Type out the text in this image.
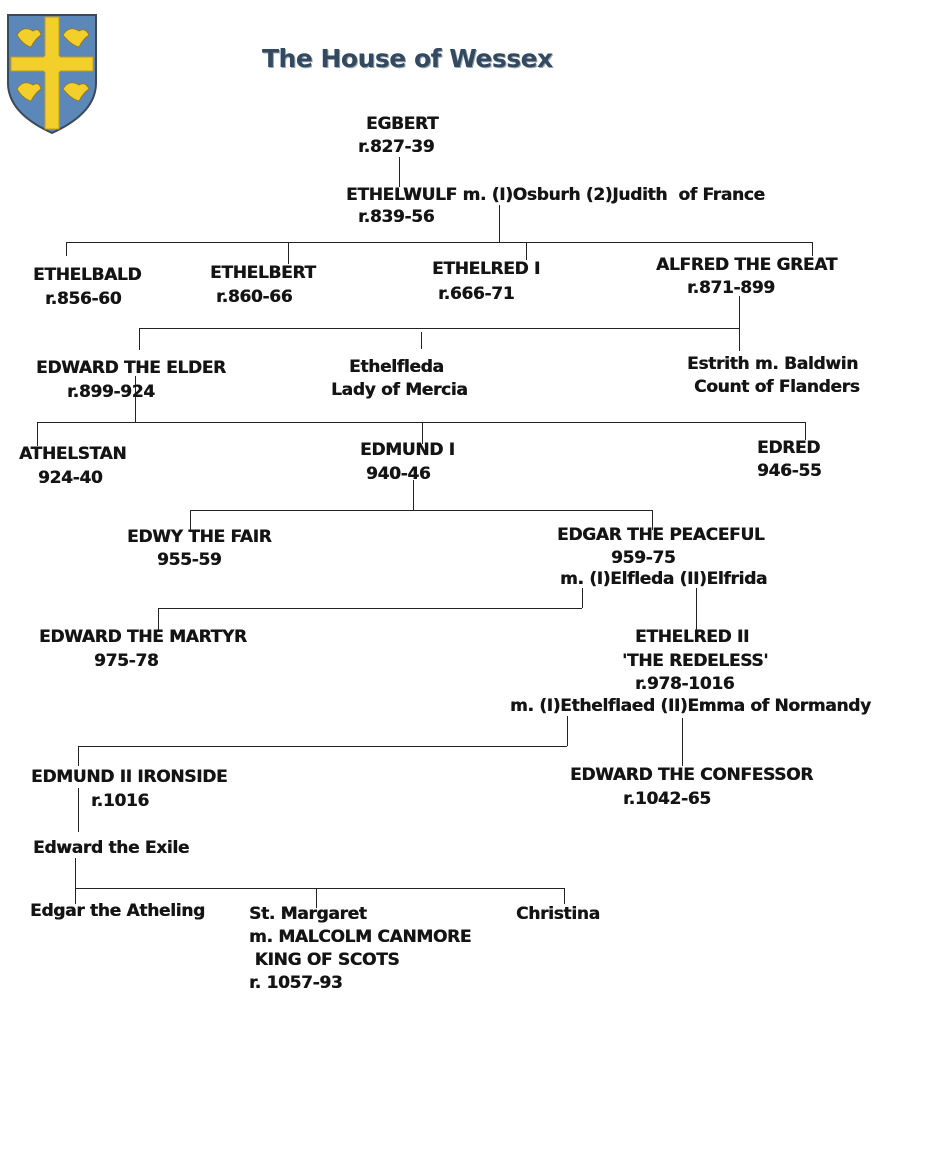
The House of Wessex
EGBERT
r.827-39
ETHELWULF m. (I)Osburh (2)Judith  of France
r.839-56
ETHELBALD
r.856-60
ETHELBERT
r.860-66
ETHELRED I
r.666-71
ALFRED THE GREAT
r.871-899
EDWARD THE ELDER
r.899-924
Ethelfleda
Lady of Mercia
Estrith m. Baldwin
Count of Flanders
ATHELSTAN
924-40
EDMUND I
940-46
EDRED
946-55
EDWY THE FAIR
955-59
EDGAR THE PEACEFUL
959-75
m. (I)Elfleda (II)Elfrida
EDWARD THE MARTYR
975-78
ETHELRED II
'THE REDELESS'
r.978-1016
m. (I)Ethelflaed (II)Emma of Normandy
EDMUND II IRONSIDE
r.1016
EDWARD THE CONFESSOR
r.1042-65
Edward the Exile
Edgar the Atheling	St. Margaret
m. MALCOLM CANMORE
KING OF SCOTS
r. 1057-93
Christina
